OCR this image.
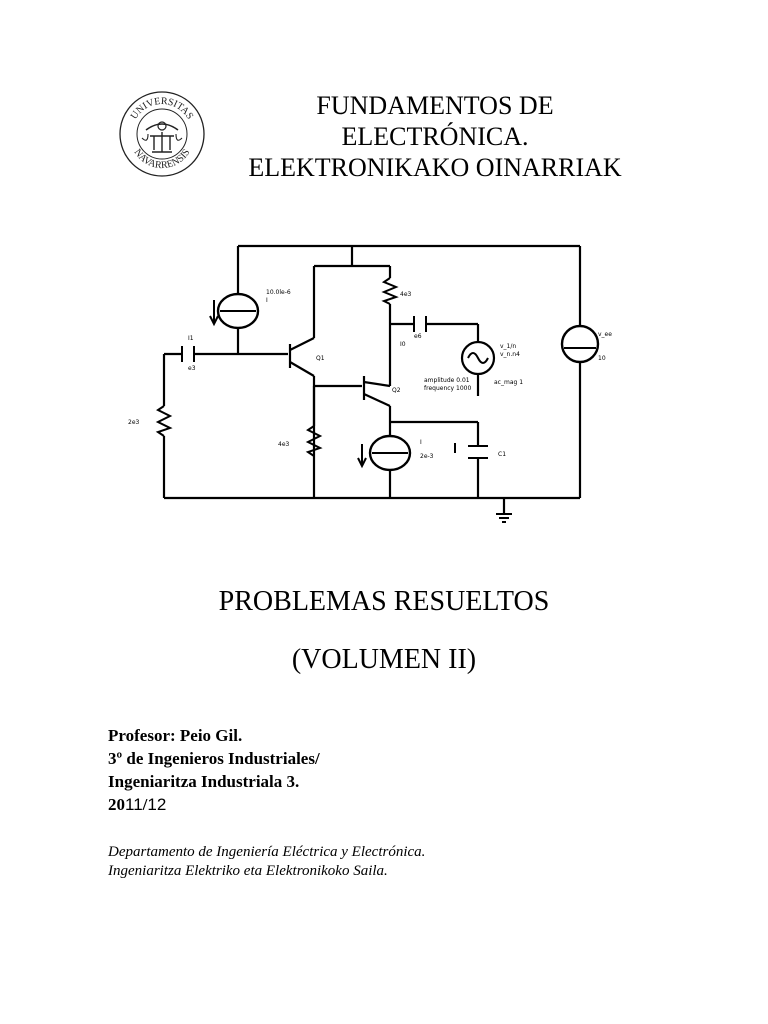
UNIVERSITAS
NAVARRENSIS
FUNDAMENTOS DE
ELECTRÓNICA.
ELEKTRONIKAKO OINARRIAK
10.0le-6
I
4e3
I1
e3
Q1
I0
e6
v_1/n
v_n.n4
amplitude 0.01
frequency 1000
ac_mag 1
Q2
2e3
4e3	I
2e-3	C1
v_ee
10
PROBLEMAS RESUELTOS
(VOLUMEN II)
Profesor: Peio Gil.
3º de Ingenieros Industriales/
Ingeniaritza Industriala 3.
2011/12
Departamento de Ingeniería Eléctrica y Electrónica.
Ingeniaritza Elektriko eta Elektronikoko Saila.
